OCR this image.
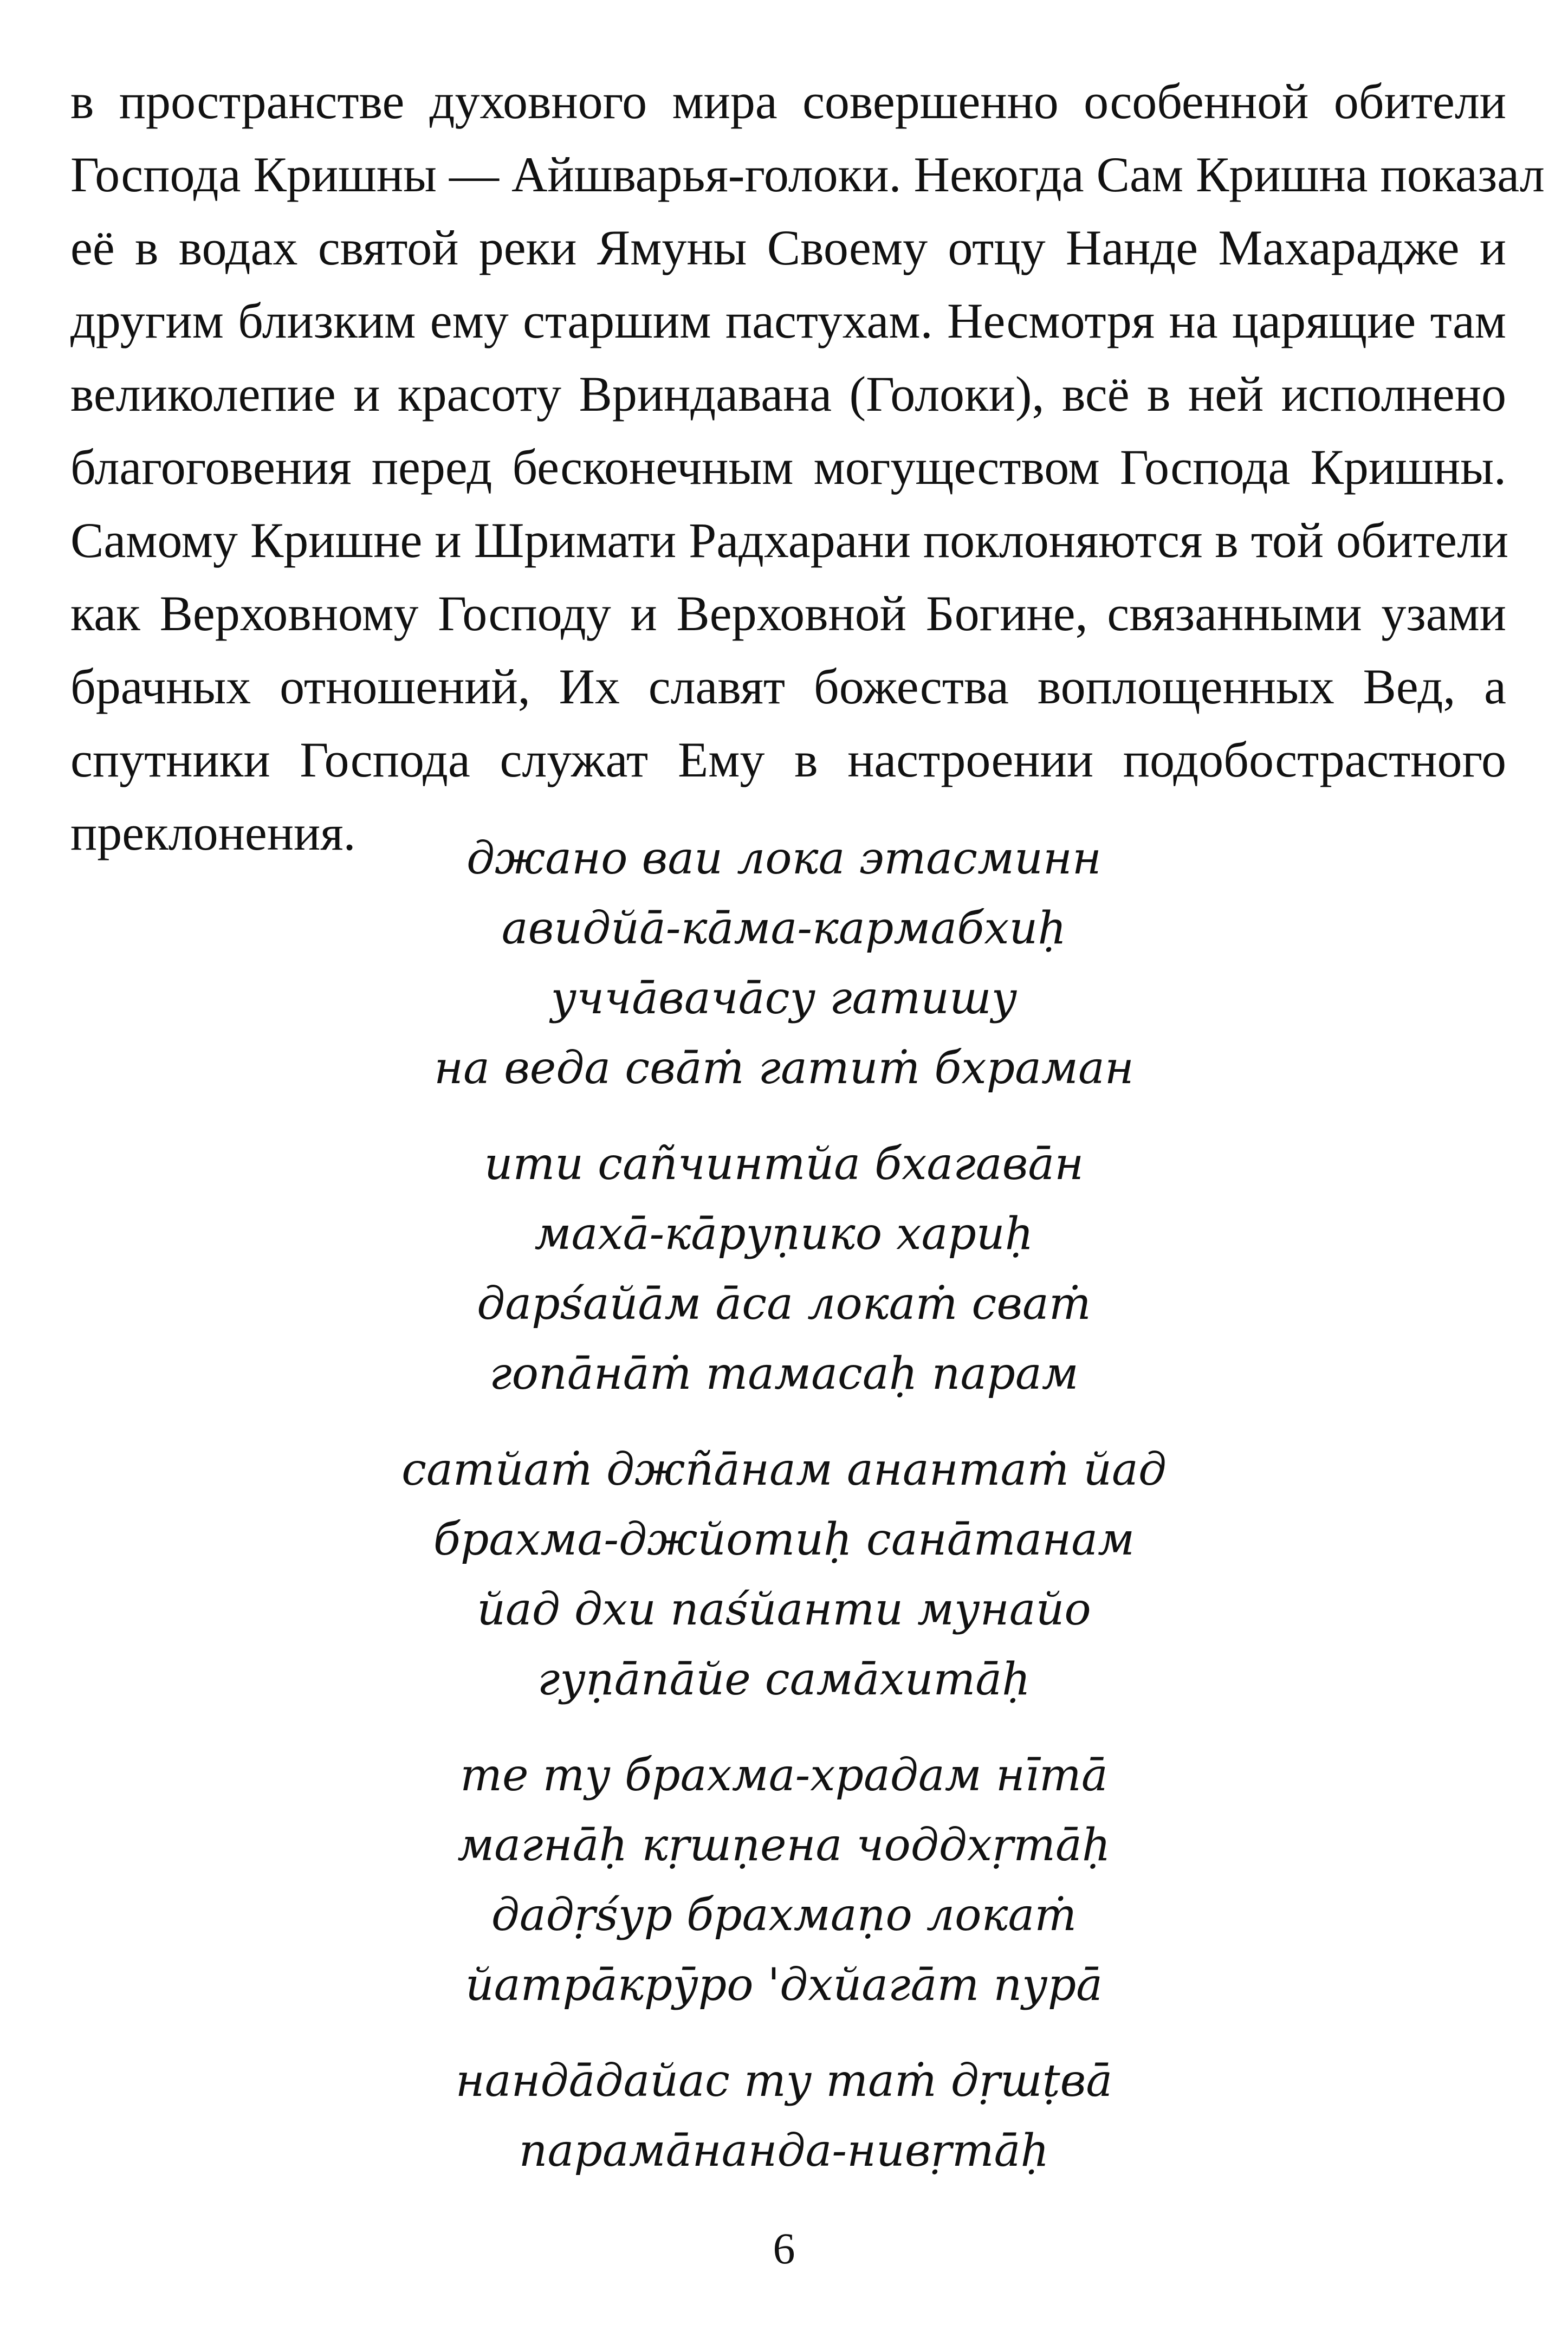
в пространстве духовного мира совершенно особенной обители
Господа Кришны — Айшварья-голоки. Некогда Сам Кришна показал
её в водах святой реки Ямуны Своему отцу Нанде Махарадже и
другим близким ему старшим пастухам. Несмотря на царящие там
великолепие и красоту Вриндавана (Голоки), всё в ней исполнено
благоговения перед бесконечным могуществом Господа Кришны.
Самому Кришне и Шримати Радхарани поклоняются в той обители
как Верховному Господу и Верховной Богине, связанными узами
брачных отношений, Их славят божества воплощенных Вед, а
спутники Господа служат Ему в настроении подобострастного
преклонения.	джано ваи лока этасминн
авидйā-кāма-кармабхиḥ
уччāвачāсу гатишу
на веда свāṁ гатиṁ бхраман
ити саñчинтйа бхагавāн
махā-кāруṇико хариḥ
дарśайāм āса локаṁ свaṁ
гопāнāṁ тамасаḥ парам
сатйаṁ джñāнам анантаṁ йад
брахма-джйотиḥ санāтанам
йад дхи паśйанти мунайо
гуṇāпāйе самāхитāḥ
те ту брахма-храдам нīтā
магнāḥ кṛшṇена чоддхṛтāḥ
дадṛśур брахмаṇо локаṁ
йатрāкрӯро 'дхйагāт пурā
нандāдайас ту таṁ дṛшṭвā
парамāнанда-нивṛтāḥ
6
